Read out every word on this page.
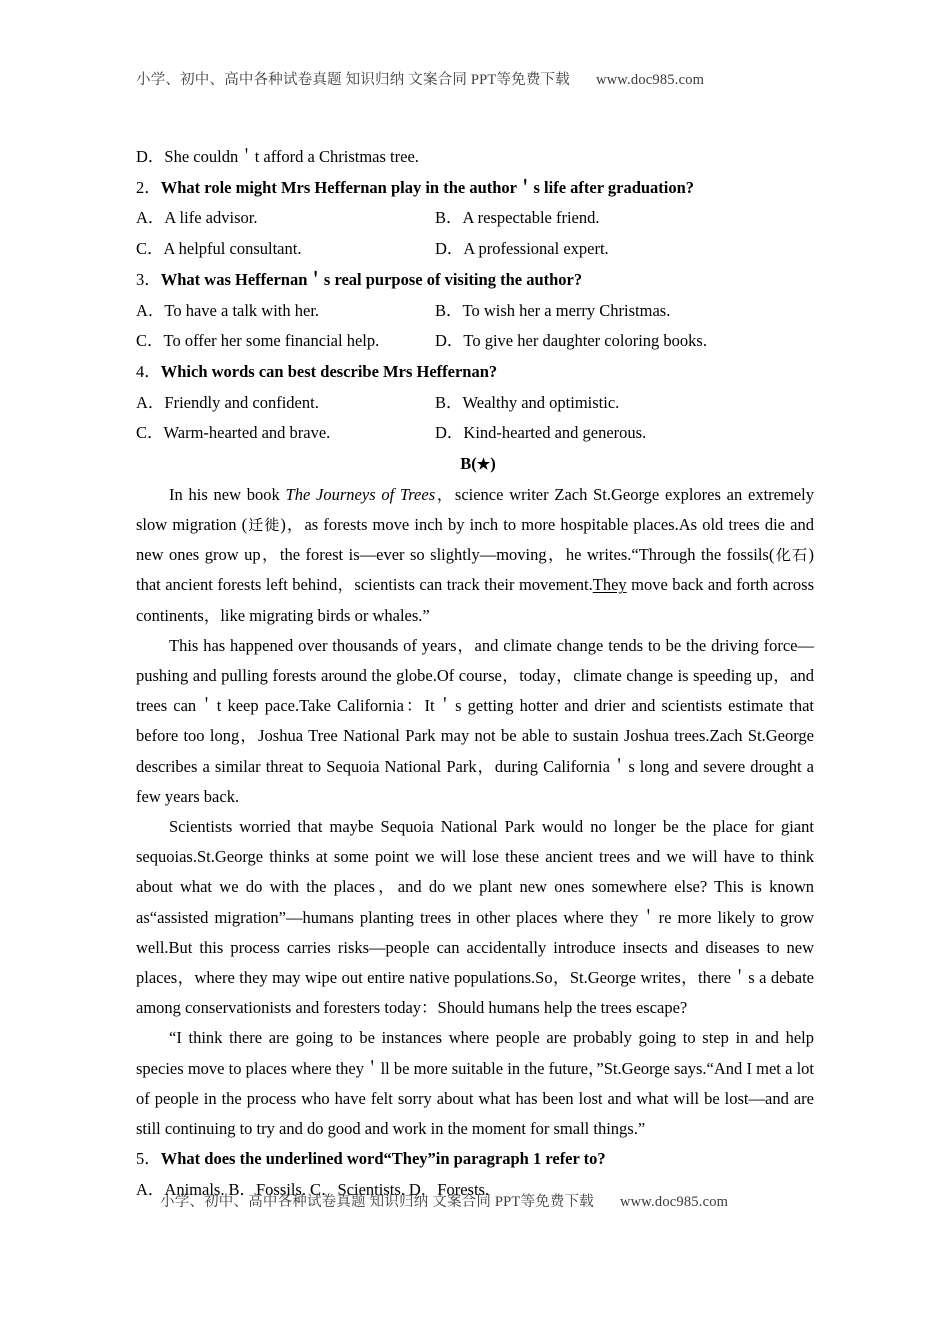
小学、初中、高中各种试卷真题 知识归纳 文案合同 PPT等免费下载 www.doc985.com
D．She couldn＇t afford a Christmas tree.
2．What role might Mrs Heffernan play in the author＇s life after graduation?
A．A life advisor.	B．A respectable friend.
C．A helpful consultant.	D．A professional expert.
3．What was Heffernan＇s real purpose of visiting the author?
A．To have a talk with her.	B．To wish her a merry Christmas.
C．To offer her some financial help.	D．To give her daughter coloring books.
4．Which words can best describe Mrs Heffernan?
A．Friendly and confident.	B．Wealthy and optimistic.
C．Warm-hearted and brave.	D．Kind-hearted and generous.
B(★)

In his new book The Journeys of Trees，science writer Zach St.George explores an extremely slow migration (迁徙)，as forests move inch by inch to more hospitable places.As old trees die and new ones grow up，the forest is—ever so slightly—moving，he writes.“Through the fossils(化石) that ancient forests left behind，scientists can track their movement.They move back and forth across continents，like migrating birds or whales.”

This has happened over thousands of years，and climate change tends to be the driving force—pushing and pulling forests around the globe.Of course，today，climate change is speeding up，and trees can＇t keep pace.Take California：It＇s getting hotter and drier and scientists estimate that before too long，Joshua Tree National Park may not be able to sustain Joshua trees.Zach St.George describes a similar threat to Sequoia National Park，during California＇s long and severe drought a few years back.

Scientists worried that maybe Sequoia National Park would no longer be the place for giant sequoias.St.George thinks at some point we will lose these ancient trees and we will have to think about what we do with the places，and do we plant new ones somewhere else? This is known as“assisted migration”—humans planting trees in other places where they＇re more likely to grow well.But this process carries risks—people can accidentally introduce insects and diseases to new places，where they may wipe out entire native populations.So，St.George writes，there＇s a debate among conservationists and foresters today：Should humans help the trees escape?

“I think there are going to be instances where people are probably going to step in and help species move to places where they＇ll be more suitable in the future，”St.George says.“And I met a lot of people in the process who have felt sorry about what has been lost and what will be lost—and are still continuing to try and do good and work in the moment for small things.”

5．What does the underlined word“They”in paragraph 1 refer to?
A．Animals. B．Fossils. C．Scientists. D．Forests.
小学、初中、高中各种试卷真题 知识归纳 文案合同 PPT等免费下载 www.doc985.com
